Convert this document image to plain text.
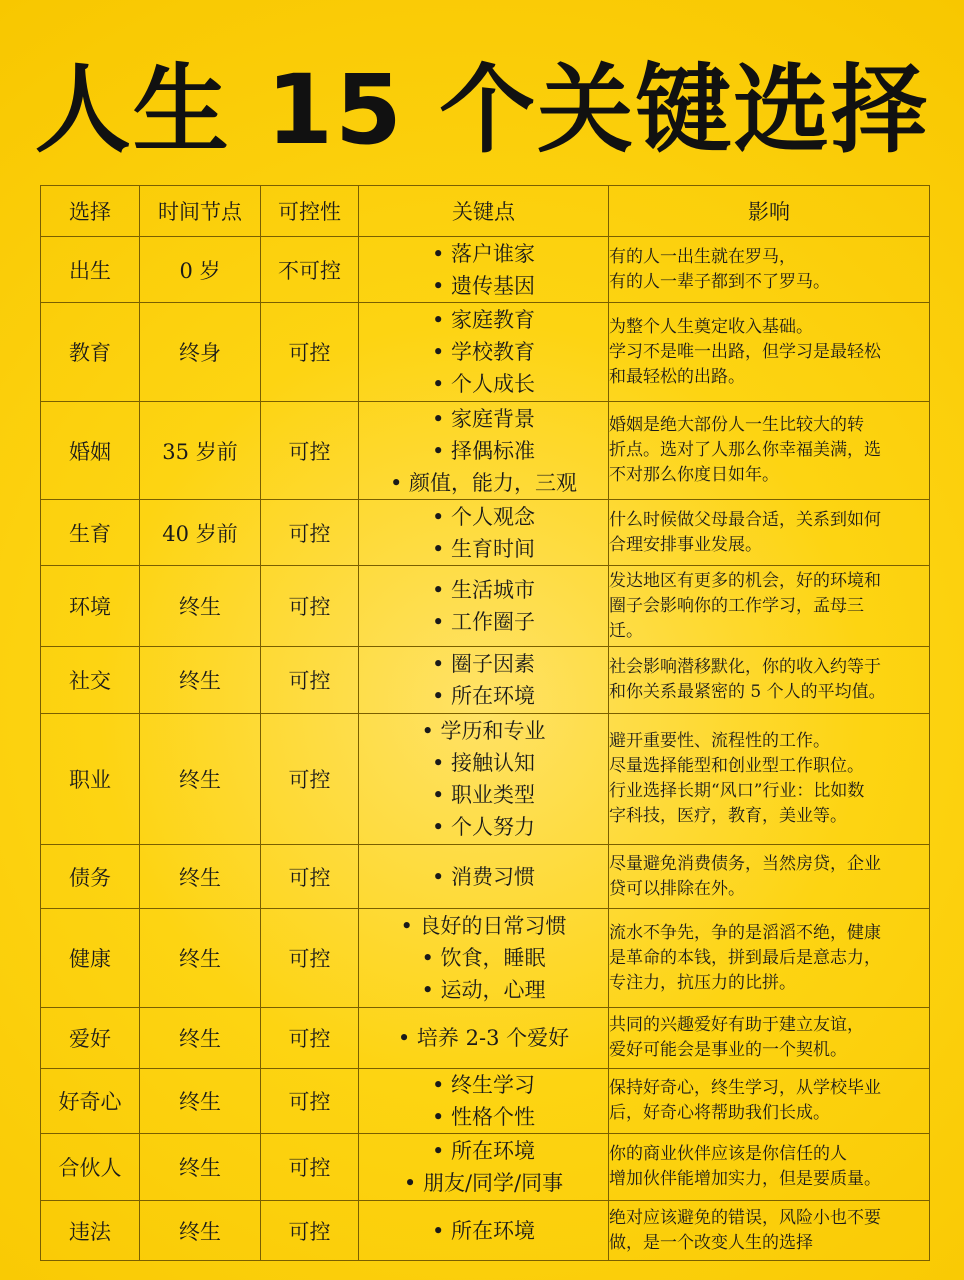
人生 15 个关键选择
选择	时间节点	可控性	关键点	影响
出生	0 岁	不可控	• 落户谁家
• 遗传基因	有的人一出生就在罗马，
有的人一辈子都到不了罗马。
教育	终身	可控	• 家庭教育
• 学校教育
• 个人成长	为整个人生奠定收入基础。
学习不是唯一出路，但学习是最轻松
和最轻松的出路。
婚姻	35 岁前	可控	• 家庭背景
• 择偶标准
• 颜值，能力，三观	婚姻是绝大部份人一生比较大的转
折点。选对了人那么你幸福美满，选
不对那么你度日如年。
生育	40 岁前	可控	• 个人观念
• 生育时间	什么时候做父母最合适，关系到如何
合理安排事业发展。
环境	终生	可控	• 生活城市
• 工作圈子	发达地区有更多的机会，好的环境和
圈子会影响你的工作学习，孟母三
迁。
社交	终生	可控	• 圈子因素
• 所在环境	社会影响潜移默化，你的收入约等于
和你关系最紧密的 5 个人的平均值。
职业	终生	可控	• 学历和专业
• 接触认知
• 职业类型
• 个人努力	避开重要性、流程性的工作。
尽量选择能型和创业型工作职位。
行业选择长期“风口”行业：比如数
字科技，医疗，教育，美业等。
债务	终生	可控	• 消费习惯	尽量避免消费债务，当然房贷，企业
贷可以排除在外。
健康	终生	可控	• 良好的日常习惯
• 饮食，睡眠
• 运动，心理	流水不争先，争的是滔滔不绝，健康
是革命的本钱，拼到最后是意志力，
专注力，抗压力的比拼。
爱好	终生	可控	• 培养 2-3 个爱好	共同的兴趣爱好有助于建立友谊，
爱好可能会是事业的一个契机。
好奇心	终生	可控	• 终生学习
• 性格个性	保持好奇心，终生学习，从学校毕业
后，好奇心将帮助我们长成。
合伙人	终生	可控	• 所在环境
• 朋友/同学/同事	你的商业伙伴应该是你信任的人
增加伙伴能增加实力，但是要质量。
违法	终生	可控	• 所在环境	绝对应该避免的错误，风险小也不要
做，是一个改变人生的选择
